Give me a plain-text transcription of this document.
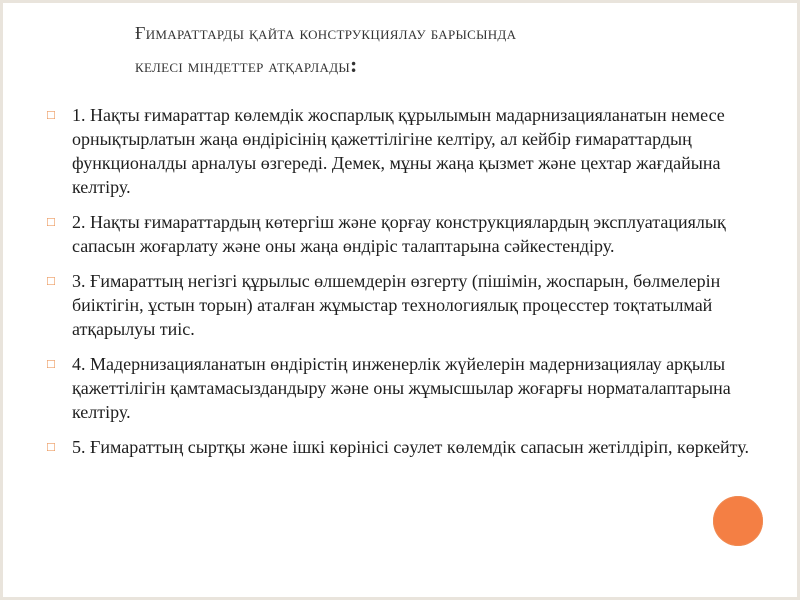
Ғимараттарды қайта конструкциялау барысында
келесі міндеттер атқарлады:
□ 1. Нақты ғимараттар көлемдік жоспарлық құрылымын мадарнизацияланатын немесе орнықтырлатын жаңа өндірісінің қажеттілігіне келтіру, ал кейбір ғимараттардың функционалды арналуы өзгереді. Демек, мұны жаңа қызмет және цехтар жағдайына келтіру.
□ 2. Нақты ғимараттардың көтергіш және қорғау конструкциялардың эксплуатациялық сапасын жоғарлату және оны жаңа өндіріс талаптарына сәйкестендіру.
□ 3. Ғимараттың негізгі құрылыс өлшемдерін өзгерту (пішімін, жоспарын, бөлмелерін биіктігін, ұстын торын) аталған жұмыстар технологиялық процесстер тоқтатылмай атқарылуы тиіс.
□ 4. Мадернизацияланатын өндірістің инженерлік жүйелерін мадернизациялау арқылы қажеттілігін қамтамасыздандыру және оны жұмысшылар жоғарғы норматалаптарына келтіру.
□ 5. Ғимараттың сыртқы және ішкі көрінісі сәулет көлемдік сапасын жетілдіріп, көркейту.
